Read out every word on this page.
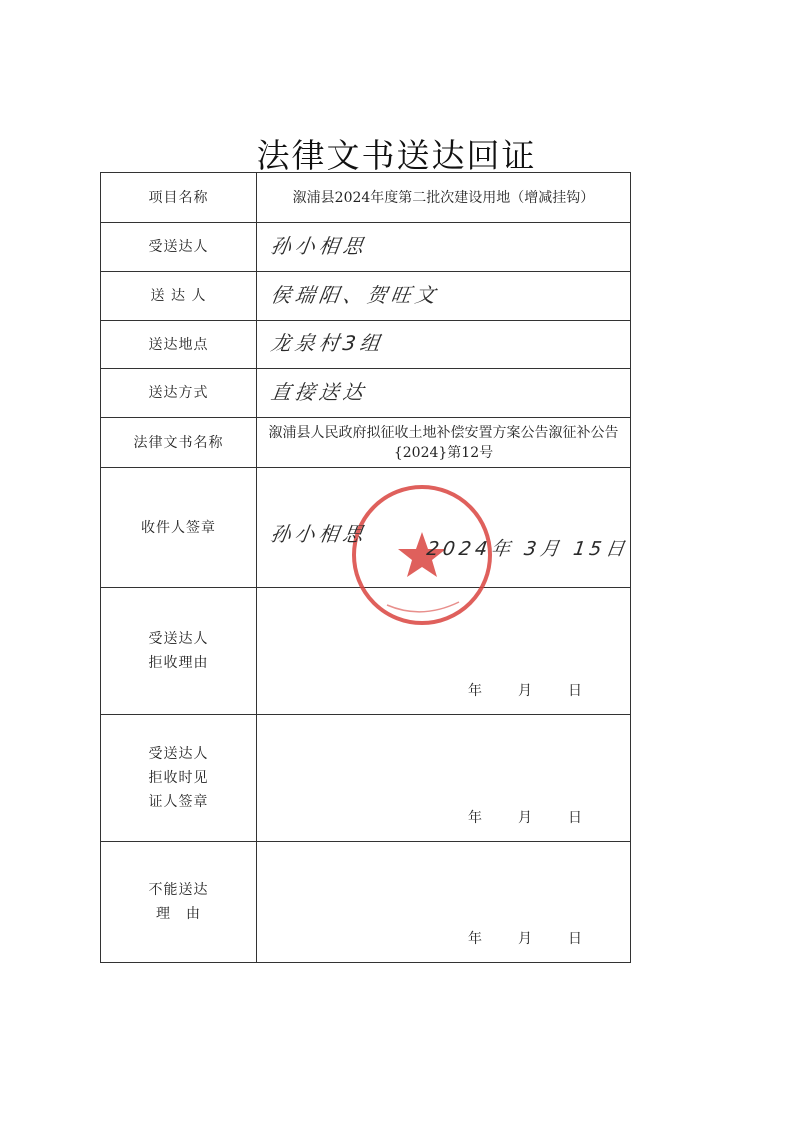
法律文书送达回证
项目名称	溆浦县2024年度第二批次建设用地（增减挂钩）
受送达人	孙小相思
送 达 人	侯瑞阳、贺旺文
送达地点	龙泉村3组
送达方式	直接送达
法律文书名称	溆浦县人民政府拟征收土地补偿安置方案公告溆征补公告
{2024}第12号

收件人签章	孙小相思
2024年 3月 15日

受送达人
拒收理由	年 月 日

受送达人
拒收时见
证人签章	年 月 日

不能送达
理　由	年 月 日
